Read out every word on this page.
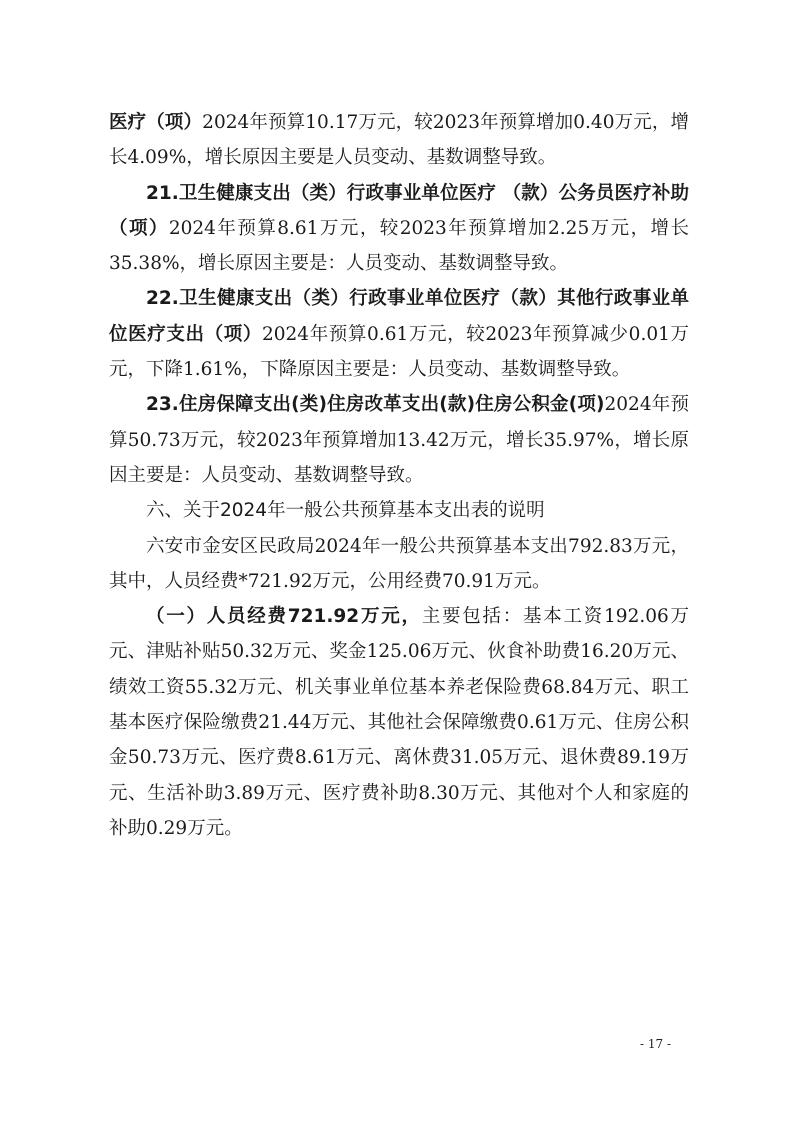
医疗（项）2024年预算10.17万元，较2023年预算增加0.40万元，增长4.09%，增长原因主要是人员变动、基数调整导致。

21.卫生健康支出（类）行政事业单位医疗 （款）公务员医疗补助（项）2024年预算8.61万元，较2023年预算增加2.25万元，增长35.38%，增长原因主要是：人员变动、基数调整导致。

22.卫生健康支出（类）行政事业单位医疗（款）其他行政事业单位医疗支出（项）2024年预算0.61万元，较2023年预算减少0.01万元，下降1.61%，下降原因主要是：人员变动、基数调整导致。

23.住房保障支出(类)住房改革支出(款)住房公积金(项)2024年预算50.73万元，较2023年预算增加13.42万元，增长35.97%，增长原因主要是：人员变动、基数调整导致。

六、关于2024年一般公共预算基本支出表的说明

六安市金安区民政局2024年一般公共预算基本支出792.83万元，其中，人员经费*721.92万元，公用经费70.91万元。

（一）人员经费721.92万元，主要包括：基本工资192.06万元、津贴补贴50.32万元、奖金125.06万元、伙食补助费16.20万元、绩效工资55.32万元、机关事业单位基本养老保险费68.84万元、职工基本医疗保险缴费21.44万元、其他社会保障缴费0.61万元、住房公积金50.73万元、医疗费8.61万元、离休费31.05万元、退休费89.19万元、生活补助3.89万元、医疗费补助8.30万元、其他对个人和家庭的补助0.29万元。

- 17 -
